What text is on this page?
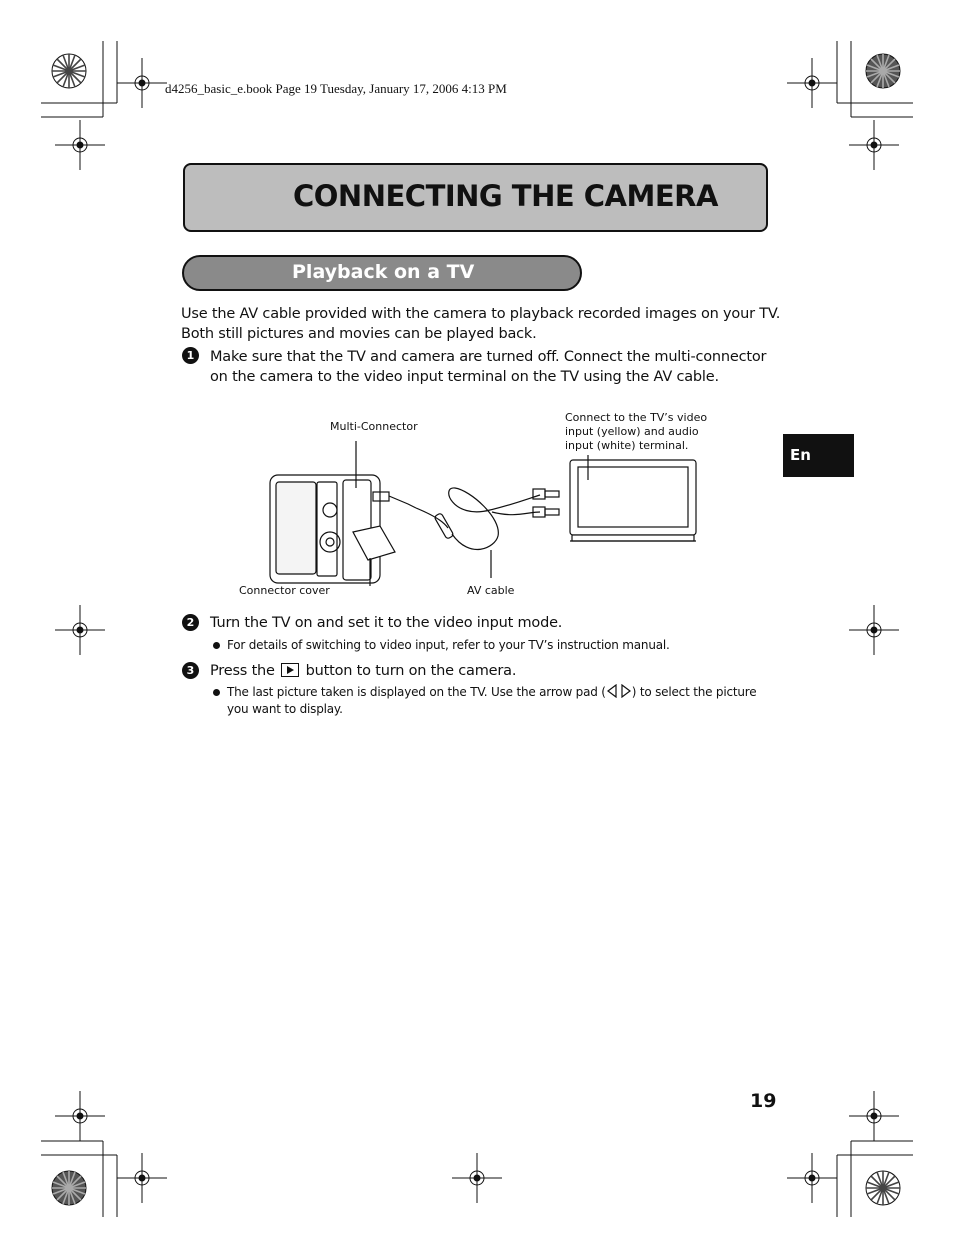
d4256_basic_e.book Page 19 Tuesday, January 17, 2006 4:13 PM
CONNECTING THE CAMERA
Playback on a TV
Use the AV cable provided with the camera to playback recorded images on your TV.
Both still pictures and movies can be played back.
1	Make sure that the TV and camera are turned off. Connect the multi-connector
on the camera to the video input terminal on the TV using the AV cable.
Multi-Connector
Connect to the TV’s video
input (yellow) and audio
input (white) terminal.
Connector cover	AV cable
2	Turn the TV on and set it to the video input mode.
For details of switching to video input, refer to your TV’s instruction manual.
3	Press the button to turn on the camera.
The last picture taken is displayed on the TV. Use the arrow pad ( ) to select the picture
you want to display.
En
19
